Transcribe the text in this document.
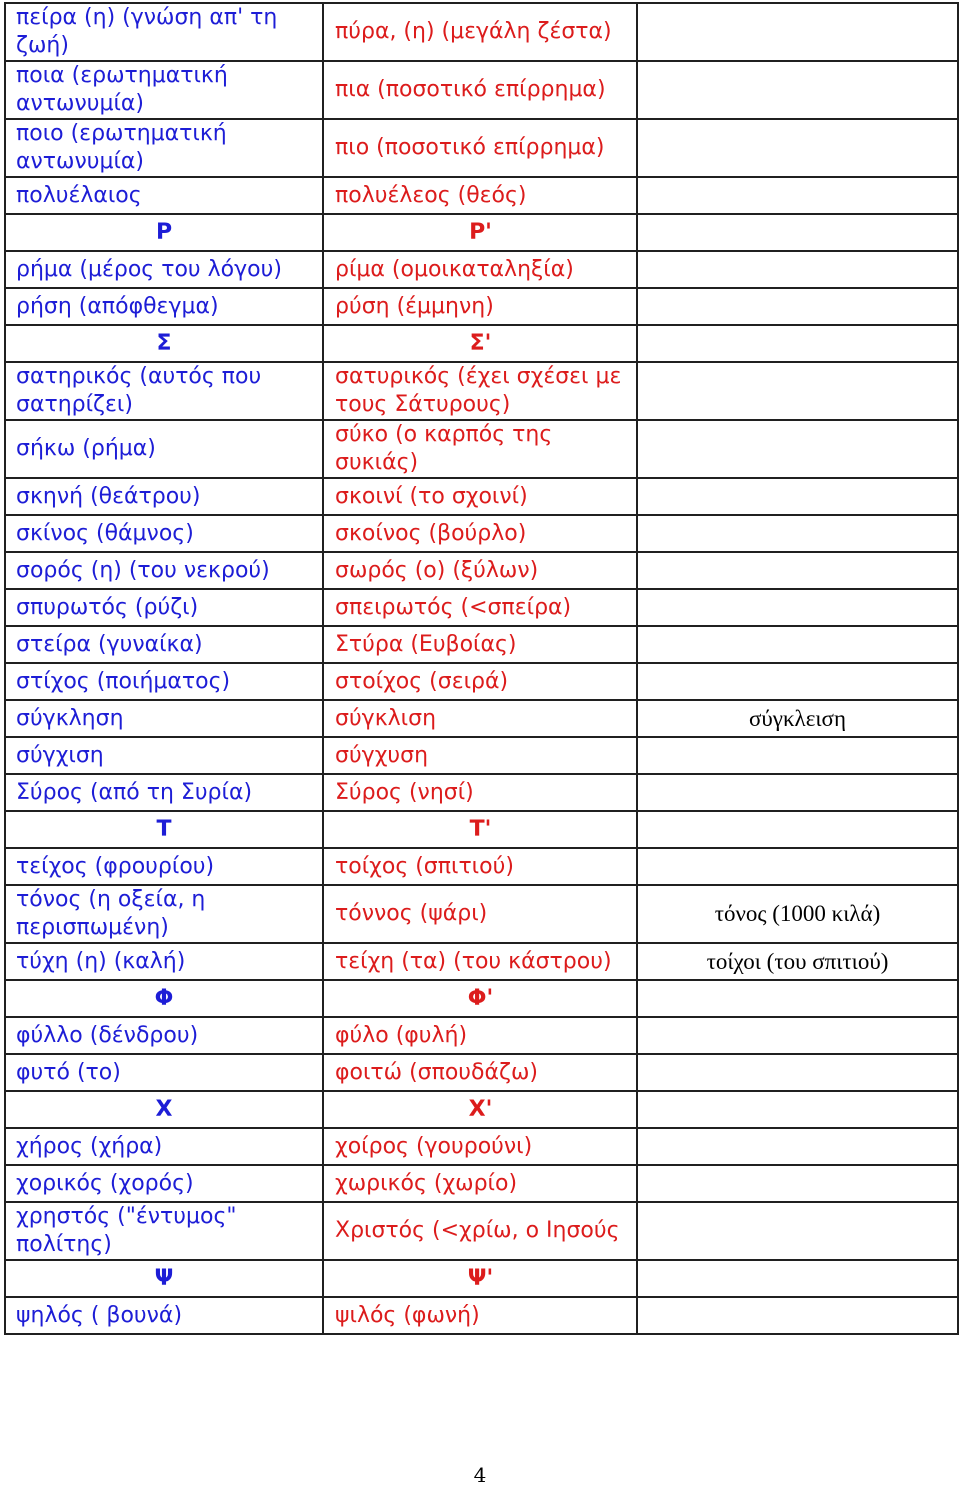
πείρα (η) (γνώση απ' τη ζωή)	πύρα, (η) (μεγάλη ζέστα)	
ποια (ερωτηματική αντωνυμία)	πια (ποσοτικό επίρρημα)	
ποιο (ερωτηματική αντωνυμία)	πιο (ποσοτικό επίρρημα)	
πολυέλαιος	πολυέλεος (θεός)	
Ρ	Ρ'	
ρήμα (μέρος του λόγου)	ρίμα (ομοικαταληξία)	
ρήση (απόφθεγμα)	ρύση (έμμηνη)	
Σ	Σ'	
σατηρικός (αυτός που σατηρίζει)	σατυρικός (έχει σχέσει με τους Σάτυρους)	
σήκω (ρήμα)	σύκο (ο καρπός της συκιάς)	
σκηνή (θεάτρου)	σκοινί (το σχοινί)	
σκίνος (θάμνος)	σκοίνος (βούρλο)	
σορός (η) (του νεκρού)	σωρός (ο) (ξύλων)	
σπυρωτός (ρύζι)	σπειρωτός (<σπείρα)	
στείρα (γυναίκα)	Στύρα (Ευβοίας)	
στίχος (ποιήματος)	στοίχος (σειρά)	
σύγκληση	σύγκλιση	σύγκλειση
σύγχιση	σύγχυση	
Σύρος (από τη Συρία)	Σύρος (νησί)	
Τ	Τ'	
τείχος (φρουρίου)	τοίχος (σπιτιού)	
τόνος (η οξεία, η περισπωμένη)	τόννος (ψάρι)	τόνος (1000 κιλά)
τύχη (η) (καλή)	τείχη (τα) (του κάστρου)	τοίχοι (του σπιτιού)
Φ	Φ'	
φύλλο (δένδρου)	φύλο (φυλή)	
φυτό (το)	φοιτώ (σπουδάζω)	
Χ	Χ'	
χήρος (χήρα)	χοίρος (γουρούνι)	
χορικός (χορός)	χωρικός (χωρίο)	
χρηστός ("έντυμος" πολίτης)	Χριστός (<χρίω, ο Ιησούς	
Ψ	Ψ'	
ψηλός ( βουνά)	ψιλός (φωνή)	
4
